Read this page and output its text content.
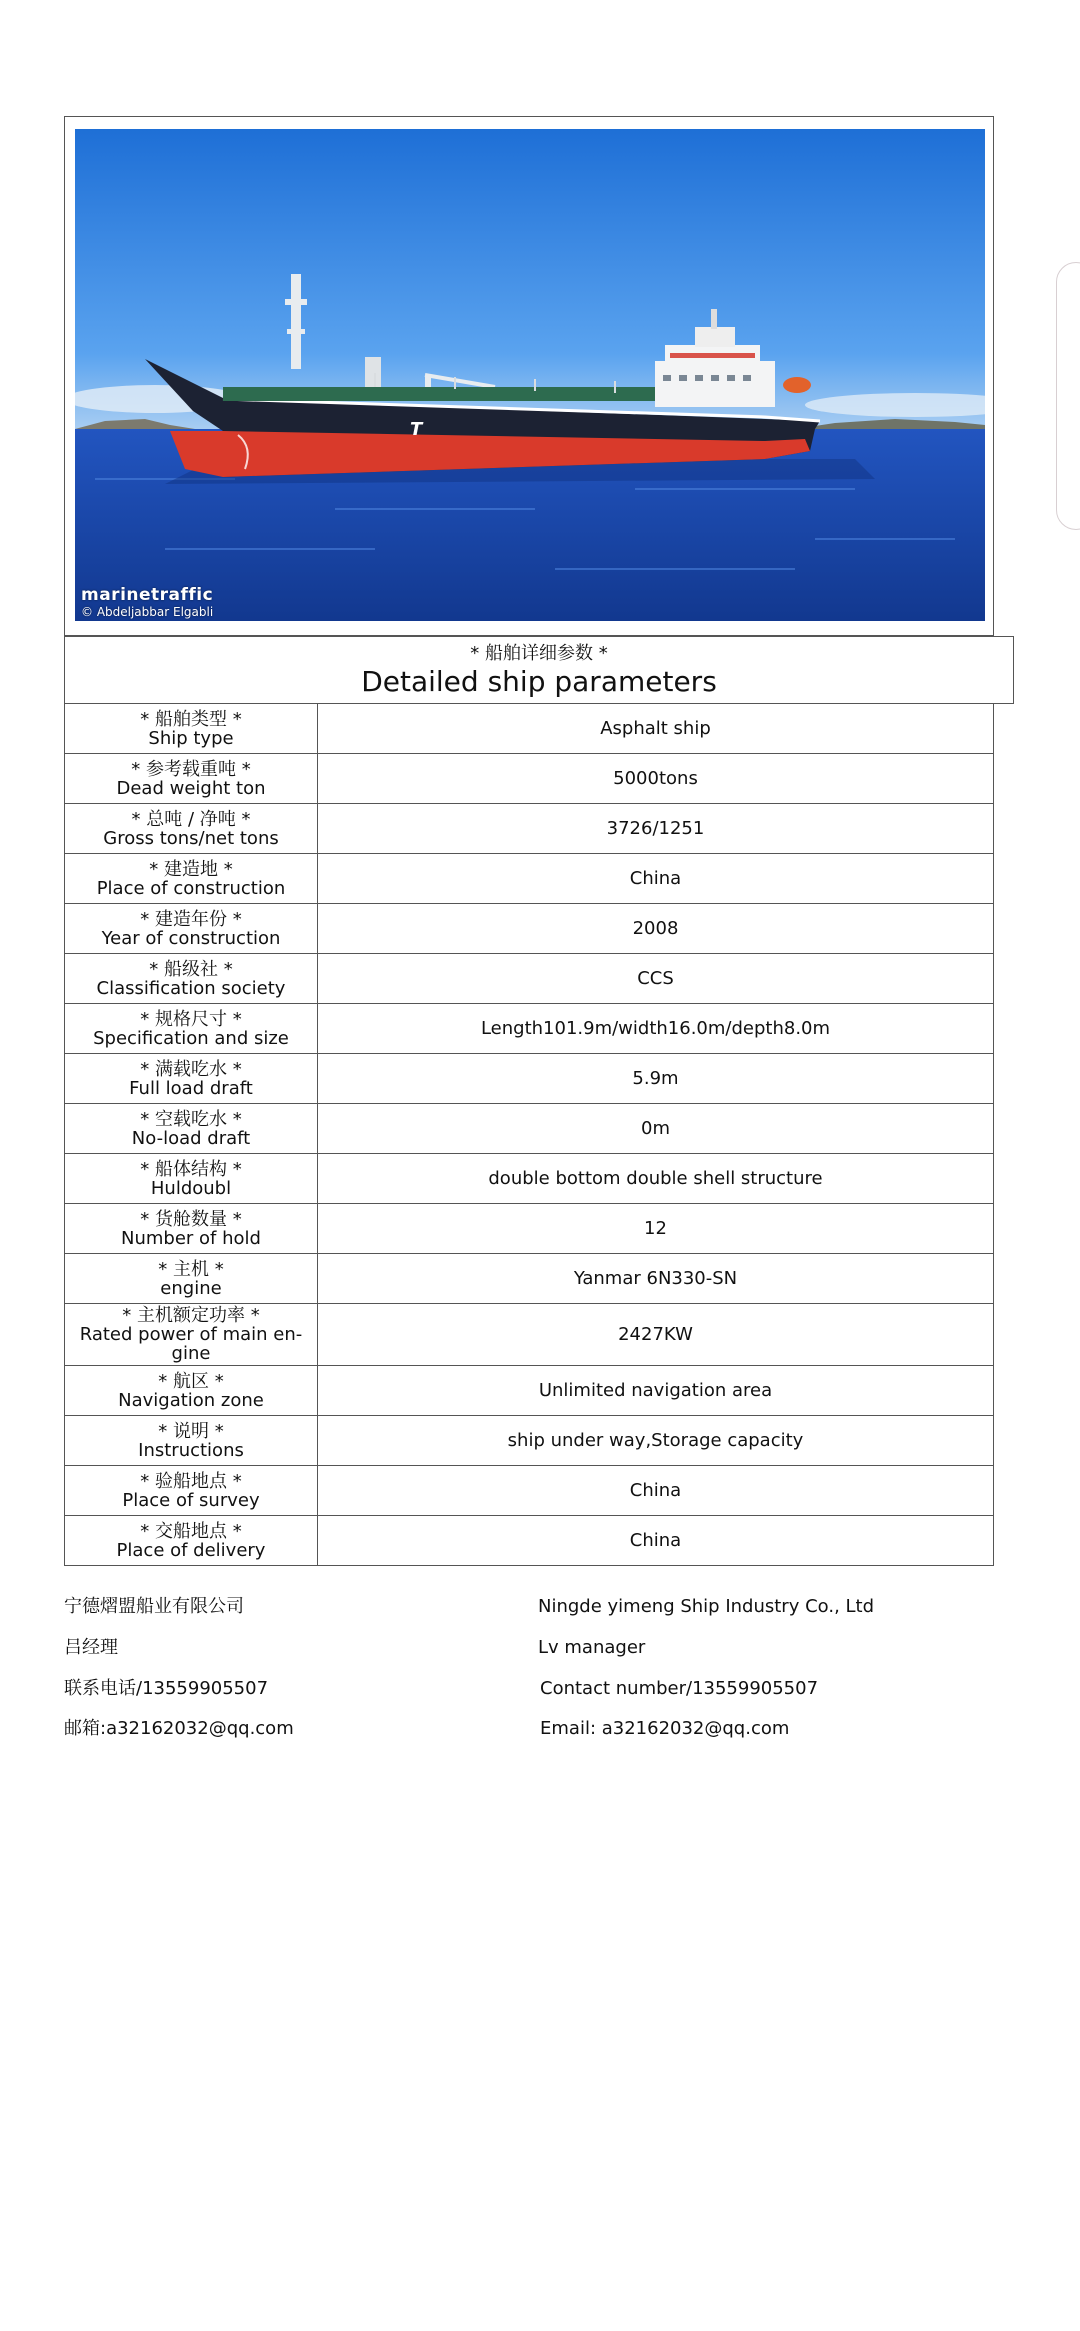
T
marinetraffic
© Abdeljabbar Elgabli
* 船舶详细参数 *
Detailed ship parameters
* 船舶类型 *
Ship type	Asphalt ship

* 参考载重吨 *
Dead weight ton	5000tons

* 总吨 / 净吨 *
Gross tons/net tons	3726/1251

* 建造地 *
Place of construction	China

* 建造年份 *
Year of construction	2008

* 船级社 *
Classification society	CCS

* 规格尺寸 *
Specification and size	Length101.9m/width16.0m/depth8.0m

* 满载吃水 *
Full load draft	5.9m

* 空载吃水 *
No-load draft	0m

* 船体结构 *
Huldoubl	double bottom double shell structure

* 货舱数量 *
Number of hold	12

* 主机 *
engine	Yanmar 6N330-SN

* 主机额定功率 *
Rated power of main en-
gine	2427KW

* 航区 *
Navigation zone	Unlimited navigation area

* 说明 *
Instructions	ship under way,Storage capacity

* 验船地点 *
Place of survey	China

* 交船地点 *
Place of delivery	China
宁德熠盟船业有限公司	Ningde yimeng Ship Industry Co., Ltd
吕经理	Lv manager
联系电话/13559905507	Contact number/13559905507
邮箱:a32162032@qq.com	Email: a32162032@qq.com
